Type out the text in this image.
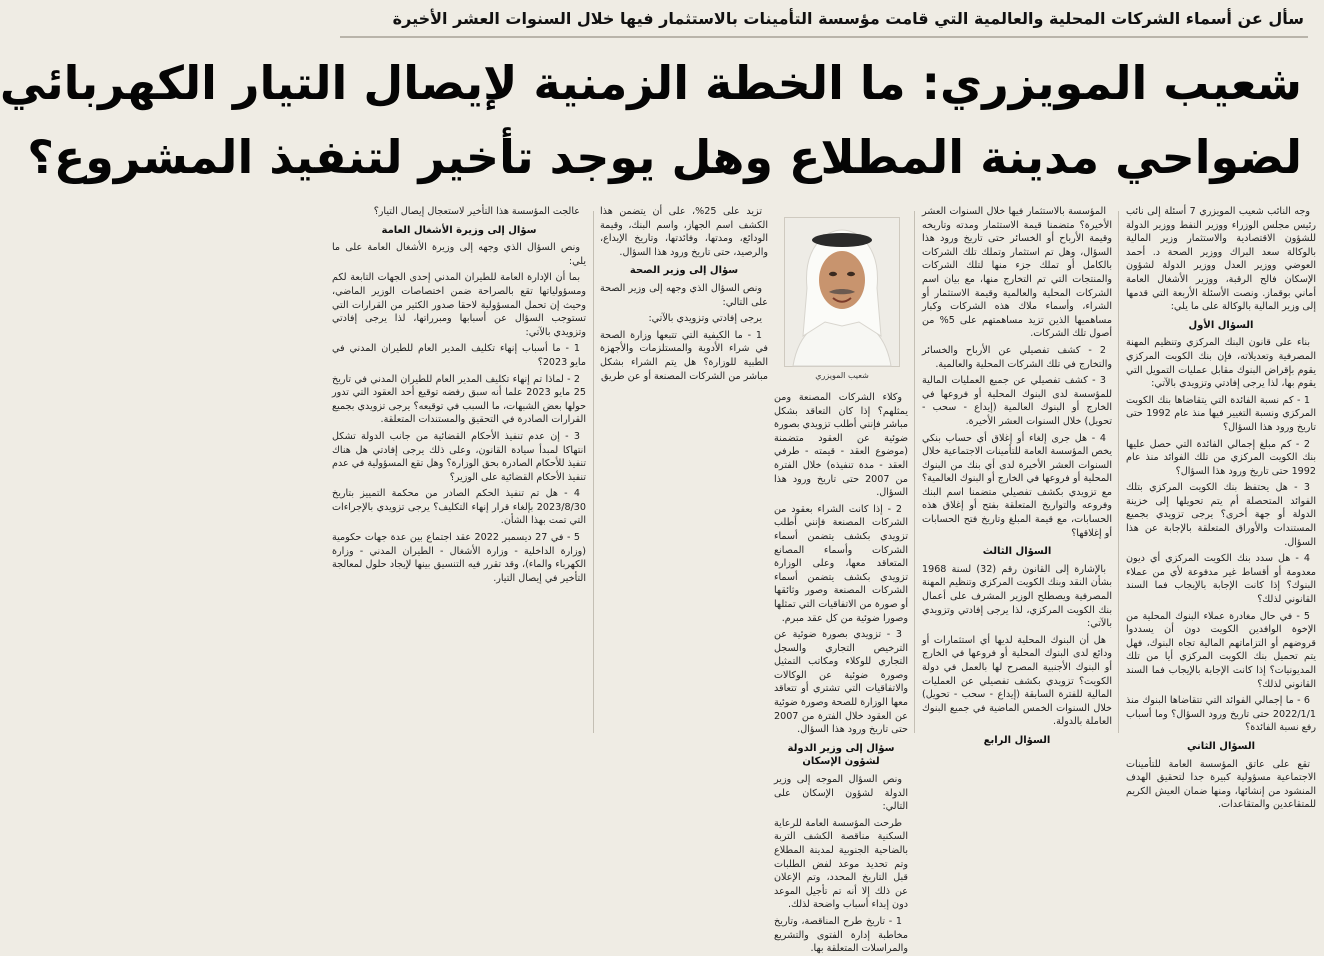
سأل عن أسماء الشركات المحلية والعالمية التي قامت مؤسسة التأمينات بالاستثمار فيها خلال السنوات العشر الأخيرة
شعيب المويزري: ما الخطة الزمنية لإيصال التيار الكهربائي
لضواحي مدينة المطلاع وهل يوجد تأخير لتنفيذ المشروع؟

وجه النائب شعيب المويزري 7 أسئلة إلى نائب رئيس مجلس الوزراء ووزير النفط ووزير الدولة للشؤون الاقتصادية والاستثمار وزير المالية بالوكالة سعد البراك ووزير الصحة د. أحمد العوضي ووزير العدل ووزير الدولة لشؤون الإسكان فالح الرقبة، ووزير الأشغال العامة أماني بوقماز. ونصت الأسئلة الأربعة التي قدمها إلى وزير المالية بالوكالة على ما يلي:

السؤال الأول

بناء على قانون البنك المركزي وتنظيم المهنة المصرفية وتعديلاته، فإن بنك الكويت المركزي يقوم بإقراض البنوك مقابل عمليات التمويل التي يقوم بها، لذا يرجى إفادتي وتزويدي بالآتي:

1 - كم نسبة الفائدة التي يتقاضاها بنك الكويت المركزي ونسبة التغيير فيها منذ عام 1992 حتى تاريخ ورود هذا السؤال؟

2 - كم مبلغ إجمالي الفائدة التي حصل عليها بنك الكويت المركزي من تلك الفوائد منذ عام 1992 حتى تاريخ ورود هذا السؤال؟

3 - هل يحتفظ بنك الكويت المركزي بتلك الفوائد المتحصلة أم يتم تحويلها إلى خزينة الدولة أو جهة أخرى؟ يرجى تزويدي بجميع المستندات والأوراق المتعلقة بالإجابة عن هذا السؤال.

4 - هل سدد بنك الكويت المركزي أي ديون معدومة أو أقساط غير مدفوعة لأي من عملاء البنوك؟ إذا كانت الإجابة بالإيجاب فما السند القانوني لذلك؟

5 - في حال مغادرة عملاء البنوك المحلية من الإخوة الوافدين الكويت دون أن يسددوا قروضهم أو التزاماتهم المالية تجاه البنوك، فهل يتم تحميل بنك الكويت المركزي أيا من تلك المديونيات؟ إذا كانت الإجابة بالإيجاب فما السند القانوني لذلك؟

6 - ما إجمالي الفوائد التي تتقاضاها البنوك منذ 2022/1/1 حتى تاريخ ورود السؤال؟ وما أسباب رفع نسبة الفائدة؟

السؤال الثاني

تقع على عاتق المؤسسة العامة للتأمينات الاجتماعية مسؤولية كبيرة جدا لتحقيق الهدف المنشود من إنشائها، ومنها ضمان العيش الكريم للمتقاعدين والمتقاعدات.

المؤسسة بالاستثمار فيها خلال السنوات العشر الأخيرة؟ متضمنا قيمة الاستثمار ومدته وتاريخه وقيمة الأرباح أو الخسائر حتى تاريخ ورود هذا السؤال، وهل تم استثمار وتملك تلك الشركات بالكامل أو تملك جزء منها لتلك الشركات والمنتجات التي تم التخارج منها، مع بيان اسم الشركات المحلية والعالمية وقيمة الاستثمار أو الشراء، وأسماء ملاك هذه الشركات وكبار مساهميها الذين تزيد مساهمتهم على 5% من أصول تلك الشركات.

2 - كشف تفصيلي عن الأرباح والخسائر والتخارج في تلك الشركات المحلية والعالمية.

3 - كشف تفصيلي عن جميع العمليات المالية للمؤسسة لدى البنوك المحلية أو فروعها في الخارج أو البنوك العالمية (إيداع - سحب - تحويل) خلال السنوات العشر الأخيرة.

4 - هل جرى إلغاء أو إغلاق أي حساب بنكي يخص المؤسسة العامة للتأمينات الاجتماعية خلال السنوات العشر الأخيرة لدى أي بنك من البنوك المحلية أو فروعها في الخارج أو البنوك العالمية؟ مع تزويدي بكشف تفصيلي متضمنا اسم البنك وفروعه والتواريخ المتعلقة بفتح أو إغلاق هذه الحسابات، مع قيمة المبلغ وتاريخ فتح الحسابات أو إغلاقها؟

السؤال الثالث

بالإشارة إلى القانون رقم (32) لسنة 1968 بشأن النقد وبنك الكويت المركزي وتنظيم المهنة المصرفية ويصطلح الوزير المشرف على أعمال بنك الكويت المركزي، لذا يرجى إفادتي وتزويدي بالآتي:

هل أن البنوك المحلية لديها أي استثمارات أو ودائع لدى البنوك المحلية أو فروعها في الخارج أو البنوك الأجنبية المصرح لها بالعمل في دولة الكويت؟ تزويدي بكشف تفصيلي عن العمليات المالية للفترة السابقة (إيداع - سحب - تحويل) خلال السنوات الخمس الماضية في جميع البنوك العاملة بالدولة.

السؤال الرابع
شعيب المويزري

وكلاء الشركات المصنعة ومن يمثلهم؟ إذا كان التعاقد بشكل مباشر فإنني أطلب تزويدي بصورة ضوئية عن العقود متضمنة (موضوع العقد - قيمته - طرفي العقد - مدة تنفيذه) خلال الفترة من 2007 حتى تاريخ ورود هذا السؤال.

2 - إذا كانت الشراء بعقود من الشركات المصنعة فإنني أطلب تزويدي بكشف يتضمن أسماء الشركات وأسماء المصانع المتعاقد معها، وعلى الوزارة تزويدي بكشف يتضمن أسماء الشركات المصنعة وصور وثائقها أو صورة من الاتفاقيات التي تمثلها وصورا ضوئية من كل عقد مبرم.

3 - تزويدي بصورة ضوئية عن الترخيص التجاري والسجل التجاري للوكلاء ومكاتب التمثيل وصورة ضوئية عن الوكالات والاتفاقيات التي تشتري أو تتعاقد معها الوزارة للصحة وصورة ضوئية عن العقود خلال الفترة من 2007 حتى تاريخ ورود هذا السؤال.

سؤال إلى وزير الدولة لشؤون الإسكان

ونص السؤال الموجه إلى وزير الدولة لشؤون الإسكان على التالي:

طرحت المؤسسة العامة للرعاية السكنية مناقصة الكشف التربة بالضاحية الجنوبية لمدينة المطلاع وتم تحديد موعد لفض الطلبات قبل التاريخ المحدد، وتم الإعلان عن ذلك إلا أنه تم تأجيل الموعد دون إبداء أسباب واضحة لذلك.

1 - تاريخ طرح المناقصة، وتاريخ مخاطبة إدارة الفتوى والتشريع والمراسلات المتعلقة بها.

تزيد على 25%، على أن يتضمن هذا الكشف اسم الجهاز، واسم البنك، وقيمة الودائع، ومدتها، وفائدتها، وتاريخ الإيداع، والرصيد، حتى تاريخ ورود هذا السؤال.

سؤال إلى وزير الصحة

ونص السؤال الذي وجهه إلى وزير الصحة على التالي:

يرجى إفادتي وتزويدي بالآتي:

1 - ما الكيفية التي تتبعها وزارة الصحة في شراء الأدوية والمستلزمات والأجهزة الطبية للوزارة؟ هل يتم الشراء بشكل مباشر من الشركات المصنعة أو عن طريق

عالجت المؤسسة هذا التأخير لاستعجال إيصال التيار؟

سؤال إلى وزيرة الأشغال العامة

ونص السؤال الذي وجهه إلى وزيرة الأشغال العامة على ما يلي:

بما أن الإدارة العامة للطيران المدني إحدى الجهات التابعة لكم ومسؤولياتها تقع بالصراحة ضمن اختصاصات الوزير الماضي، وحيث إن تحمل المسؤولية لاحقا صدور الكثير من القرارات التي تستوجب السؤال عن أسبابها ومبرراتها، لذا يرجى إفادتي وتزويدي بالآتي:

1 - ما أسباب إنهاء تكليف المدير العام للطيران المدني في مايو 2023؟

2 - لماذا تم إنهاء تكليف المدير العام للطيران المدني في تاريخ 25 مايو 2023 علما أنه سبق رفضه توقيع أحد العقود التي تدور حولها بعض الشبهات، ما السبب في توقيعه؟ يرجى تزويدي بجميع القرارات الصادرة في التحقيق والمستندات المتعلقة.

3 - إن عدم تنفيذ الأحكام القضائية من جانب الدولة تشكل انتهاكا لمبدأ سيادة القانون، وعلى ذلك يرجى إفادتي هل هناك تنفيذ للأحكام الصادرة بحق الوزارة؟ وهل تقع المسؤولية في عدم تنفيذ الأحكام القضائية على الوزير؟

4 - هل تم تنفيذ الحكم الصادر من محكمة التمييز بتاريخ 2023/8/30 بإلغاء قرار إنهاء التكليف؟ يرجى تزويدي بالإجراءات التي تمت بهذا الشأن.

5 - في 27 ديسمبر 2022 عقد اجتماع بين عدة جهات حكومية (وزارة الداخلية - وزارة الأشغال - الطيران المدني - وزارة الكهرباء والماء)، وقد تقرر فيه التنسيق بينها لإيجاد حلول لمعالجة التأخير في إيصال التيار.
